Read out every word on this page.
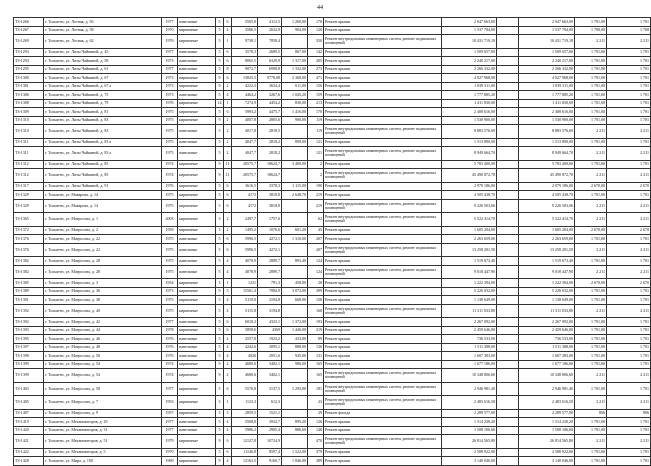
44
ТЗ-1266	г. Тольятти, ул. Лесная, д. 56	1977	панельные	5	6	5505,8	4112,5	1 260,00	170	Ремонт крыши	2 047 663,00		2 047 663,00	1 701,00	1 701
ТЗ-1267	г. Тольятти, ул. Лесная, д. 58	1970	кирпичные	5	4	3586,5	2632,9	904,00	120	Ремонт крыши	1 537 704,00		1 537 704,00	1 700,00	1 700
ТЗ-1269	г. Тольятти, ул. Лесная, д. 62	1976	кирпичные	5	1	9738,1	7858,4		350	Ремонт внутридомовых инженерных систем, ремонт подвальных помещений	10 431 719,18		10 431 719,18	2 211	2 211
ТЗ-1293	г. Тольятти, ул. Лизы Чайкиной, д. 45	1977	панельные	5	6	3578,3	2689,5	867,00	142	Ремонт крыши	1 509 657,00		1 509 657,00	1 701,00	1 701
ТЗ-1294	г. Тольятти, ул. Лизы Чайкиной, д. 58	1973	панельные	5	6	8065,5	6329,9	1 317,00	205	Ремонт крыши	2 240 217,00		2 240 217,00	1 701,00	1 701
ТЗ-1295	г. Тольятти, ул. Лизы Чайкиной, д. 61	1977	панельные	5	8	9072,7	6998,8	1 332,00	273	Ремонт крыши	2 266 332,00		2 266 332,00	1 701,00	1 701
ТЗ-1300	г. Тольятти, ул. Лизы Чайкиной, д. 67	1973	кирпичные	9	6	13825,5	9778,08	2 368,00	471	Ремонт крыши	4 027 968,00		4 027 968,00	1 701,00	1 701
ТЗ-1301	г. Тольятти, ул. Лизы Чайкиной, д. 67 а	1973	кирпичные	9	2	4222,3	3634,4	611,00	156	Ремонт крыши	1 039 311,00		1 039 311,00	1 701,00	1 701
ТЗ-1306	г. Тольятти, ул. Лизы Чайкиной, д. 75	1973	панельные	5	4	4464,2	3267,6	1 045,20	159	Ремонт крыши	1 777 885,20		1 777 885,20	1 701,00	1 701
ТЗ-1308	г. Тольятти, ул. Лизы Чайкиной, д. 79	1976	кирпичные	14	1	7274,9	4454,2	830,00	213	Ремонт крыши	1 411 830,00		1 411 830,00	1 701,00	1 701
ТЗ-1309	г. Тольятти, ул. Лизы Чайкиной, д. 81	1975	кирпичные	5	6	5993,2	4475,7	1 416,00	170	Ремонт крыши	2 408 616,00		2 408 616,00	1 701,00	1 701
ТЗ-1310	г. Тольятти, ул. Лизы Чайкиной, д. 83	1975	кирпичные	9	2	4007,8	2805,6	900,00	119	Ремонт крыши	1 530 900,00		1 530 900,00	1 701,00	1 701
ТЗ-1310	г. Тольятти, ул. Лизы Чайкиной, д. 83	1975	панельные	5	2	4017,8	2818,5		119	Ремонт внутридомовых инженерных систем, ремонт подвальных помещений	8 883 576,69		8 883 576,69	2 211	2 211
ТЗ-1311	г. Тольятти, ул. Лизы Чайкиной, д. 83 а	1975	панельные	5	2	4047,7	2818,2	890,00	121	Ремонт крыши	1 513 890,00		1 513 890,00	1 701,00	1 701
ТЗ-1311	г. Тольятти, ул. Лизы Чайкиной, д. 83 а	1975	панельные	5	2	4047,7	2818,2		121	Ремонт внутридомовых инженерных систем, ремонт подвальных помещений	8 949 664,70		8 949 664,70	2 211	2 211
ТЗ-1312	г. Тольятти, ул. Лизы Чайкиной, д. 85	1974	кирпичные	9	11	20575,7	18624,7	3 400,00	2	Ремонт крыши	5 783 400,00		5 783 400,00	1 701,00	1 701
ТЗ-1312	г. Тольятти, ул. Лизы Чайкиной, д. 85	1974	кирпичные	9	11	20575,7	18624,7		2	Ремонт внутридомовых инженерных систем, ремонт подвальных помещений	45 490 872,78		45 490 872,78	2 211	2 211
ТЗ-1317	г. Тольятти, ул. Лизы Чайкиной, д. 91	1976	кирпичные	5	6	3616,5	3378,3	1 115,00	190	Ремонт крыши	2 979 186,00		2 979 186,00	2 670,00	2 670
ТЗ-1329	г. Тольятти, ул. Макарова, д. 14	1975	кирпичные	5	6	4172	3818,8	2 648,70	219	Ремонт крыши	4 505 438,70		4 505 438,70	1 701,00	1 701
ТЗ-1329	г. Тольятти, ул. Макарова, д. 14	1975	кирпичные	5	6	4172	3818,8		219	Ремонт внутридомовых инженерных систем, ремонт подвальных помещений	9 226 503,06		9 226 503,06	2 211	2 211
ТЗ-1365	г. Тольятти, ул. Матросова, д. 1	2003	кирпичные	3	2	2497,7	1757,6		62	Ремонт внутридомовых инженерных систем, ремонт подвальных помещений	5 522 414,70		5 522 414,70	2 211	2 211
ТЗ-1372	г. Тольятти, ул. Матросова, д. 2	1959	кирпичные	3	2	1495,2	1076,6	601,20	45	Ремонт крыши	1 605 204,00		1 605 204,00	2 670,00	2 670
ТЗ-1376	г. Тольятти, ул. Матросова, д. 22	1975	панельные	5	6	5996,5	4272,1	1 310,00	207	Ремонт крыши	2 263 659,00		2 263 659,00	1 701,00	1 701
ТЗ-1376	г. Тольятти, ул. Матросова, д. 22	1975	панельные	5	6	5996,5	4272,1		207	Ремонт внутридомовых инженерных систем, ремонт подвальных помещений	13 258 201,50		13 258 201,50	2 211	2 211
ТЗ-1382	г. Тольятти, ул. Матросова, д. 28	1975	панельные	5	4	4078,9	2889,7	893,40	124	Ремонт крыши	1 519 673,40		1 519 673,40	1 701,00	1 701
ТЗ-1382	г. Тольятти, ул. Матросова, д. 28	1975	панельные	5	4	4078,9	2889,7		124	Ремонт внутридомовых инженерных систем, ремонт подвальных помещений	9 018 447,90		9 018 447,90	2 211	2 211
ТЗ-1385	г. Тольятти, ул. Матросова, д. 3	1954	кирпичные	3	1	1231	791,3	458,00	20	Ремонт крыши	1 222 394,00		1 222 394,00	2 670,00	2 670
ТЗ-1389	г. Тольятти, ул. Матросова, д. 36	1973	кирпичные	9	5	15561,4	7084,9	3 072,00	399	Ремонт крыши	5 226 032,00		5 226 032,00	1 701,00	1 701
ТЗ-1391	г. Тольятти, ул. Матросова, д. 38	1975	кирпичные	5	4	5119,8	3194,8	668,00	158	Ремонт крыши	1 138 649,00		1 138 649,00	1 701,00	1 701
ТЗ-1392	г. Тольятти, ул. Матросова, д. 40	1975	кирпичные	5	4	5115,8	3194,8		168	Ремонт внутридомовых инженерных систем, ремонт подвальных помещений	11 311 033,80		11 311 033,80	2 211	2 211
ТЗ-1392	г. Тольятти, ул. Матросова, д. 42	1977	панельные	5	6	6010,2	4323,1	1 372,00	193	Ремонт крыши	2 267 092,00		2 267 092,00	1 701,00	1 701
ТЗ-1393	г. Тольятти, ул. Матросова, д. 44	1978	кирпичные	5	6	5858,6	4369	1 446,00	219	Ремонт крыши	2 459 646,00		2 459 646,00	1 701,00	1 701
ТЗ-1395	г. Тольятти, ул. Матросова, д. 46	1976	панельные	5	2	2557,8	1923,2	433,00	89	Ремонт крыши	736 533,00		736 533,00	1 701,00	1 701
ТЗ-1397	г. Тольятти, ул. Матросова, д. 48	1976	панельные	5	4	4242,6	3095,1	888,00	136	Ремонт крыши	1 511 388,00		1 511 388,00	1 701,00	1 701
ТЗ-1398	г. Тольятти, ул. Матросова, д. 50	1976	панельные	5	4	4026	2951,6	945,00	131	Ремонт крыши	1 607 383,00		1 607 383,00	1 701,00	1 701
ТЗ-1399	г. Тольятти, ул. Матросова, д. 54	1974	кирпичные	9	2	4680,6	3402,1	986,00	165	Ремонт крыши	1 677 186,00		1 677 186,00	1 701,00	1 701
ТЗ-1399	г. Тольятти, ул. Матросова, д. 54	1974	кирпичные	9	2	4680,6	3402,1		165	Ремонт внутридомовых инженерных систем, ремонт подвальных помещений	10 348 806,60		10 348 806,60	2 211	2 211
ТЗ-1403	г. Тольятти, ул. Матросова, д. 58	1977	кирпичные	5	6	5576,8	3137,5	1 293,00	181	Ремонт внутридомовых инженерных систем, ремонт подвальных помещений	2 946 981,40		2 946 981,40	1 701,00	1 701
ТЗ-1405	г. Тольятти, ул. Матросова, д. 7	1953	кирпичные	3	1	1123,3	612,3		23	Ремонт внутридомовых инженерных систем, ремонт подвальных помещений	2 483 616,50		2 483 616,50	2 211	2 211
ТЗ-1407	г. Тольятти, ул. Матросова, д. 9	1957	кирпичные	3	3	2859,5	1521,1		29	Ремонт фасада	2 289 577,00		2 289 577,00	806	806
ТЗ-1419	г. Тольятти, ул. Механизаторов, д. 29	1977	панельные	5	4	5508,8	3932,7	895,20	126	Ремонт крыши	1 514 230,20		1 514 230,20	1 701,00	1 701
ТЗ-1420	г. Тольятти, ул. Механизаторов, д. 31	1977	панельные	5	4	5986,2	2985,4	886,60	148	Ремонт крыши	1 508 106,60		1 508 106,60	1 701,00	1 701
ТЗ-1421	г. Тольятти, ул. Механизаторов, д. 51	1979	кирпичные	9	6	12127,8	10724,9		470	Ремонт внутридомовых инженерных систем, ремонт подвальных помещений	26 814 565,80		26 814 565,80	2 211	2 211
ТЗ-1422	г. Тольятти, ул. Механизаторов, д. 5	1970	панельные	5	6	11146,8	8597,4	1 522,00	379	Ремонт крыши	2 588 922,00		2 588 922,00	1 701,00	1 701
ТЗ-1428	г. Тольятти, ул. Мира, д. 100	1969	кирпичные	9	4	12163,5	9160,7	1 846,00	389	Ремонт крыши	3 140 046,00		3 140 046,00	1 701,00	1 701
